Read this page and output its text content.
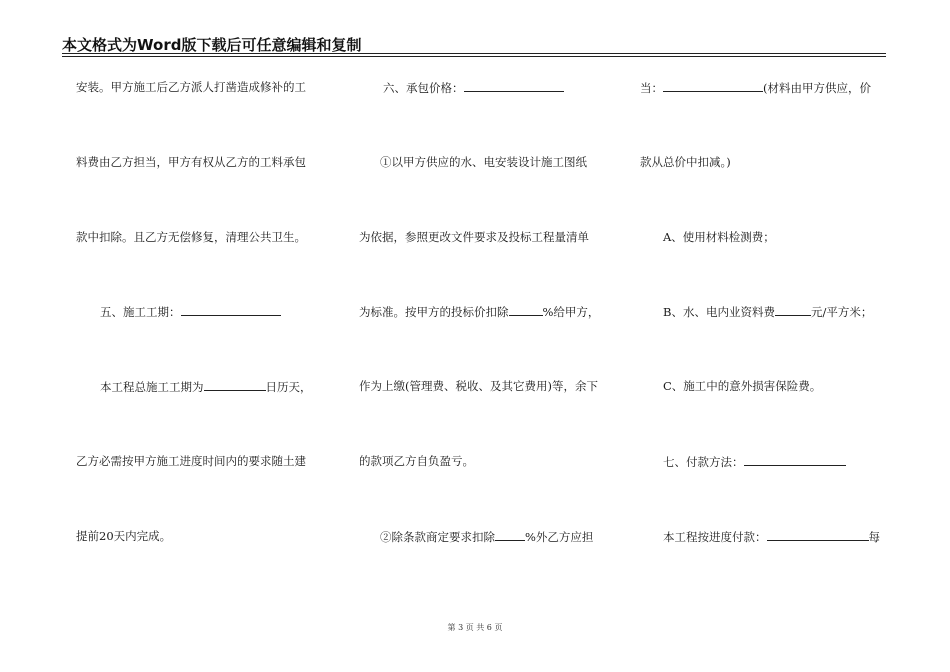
本文格式为Word版下载后可任意编辑和复制
安装。甲方施工后乙方派人打凿造成修补的工
料费由乙方担当，甲方有权从乙方的工料承包
款中扣除。且乙方无偿修复，清理公共卫生。
五、施工工期：
本工程总施工工期为	日历天，
乙方必需按甲方施工进度时间内的要求随土建
提前20天内完成。
六、承包价格：
①以甲方供应的水、电安装设计施工图纸
为依据，参照更改文件要求及投标工程量清单
为标准。按甲方的投标价扣除	%给甲方，
作为上缴(管理费、税收、及其它费用)等，余下
的款项乙方自负盈亏。
②除条款商定要求扣除	%外乙方应担
当：	(材料由甲方供应，价
款从总价中扣减。)
A、使用材料检测费；
B、水、电内业资料费	元/平方米；
C、施工中的意外损害保险费。
七、付款方法：
本工程按进度付款：	每
第 3 页 共 6 页
